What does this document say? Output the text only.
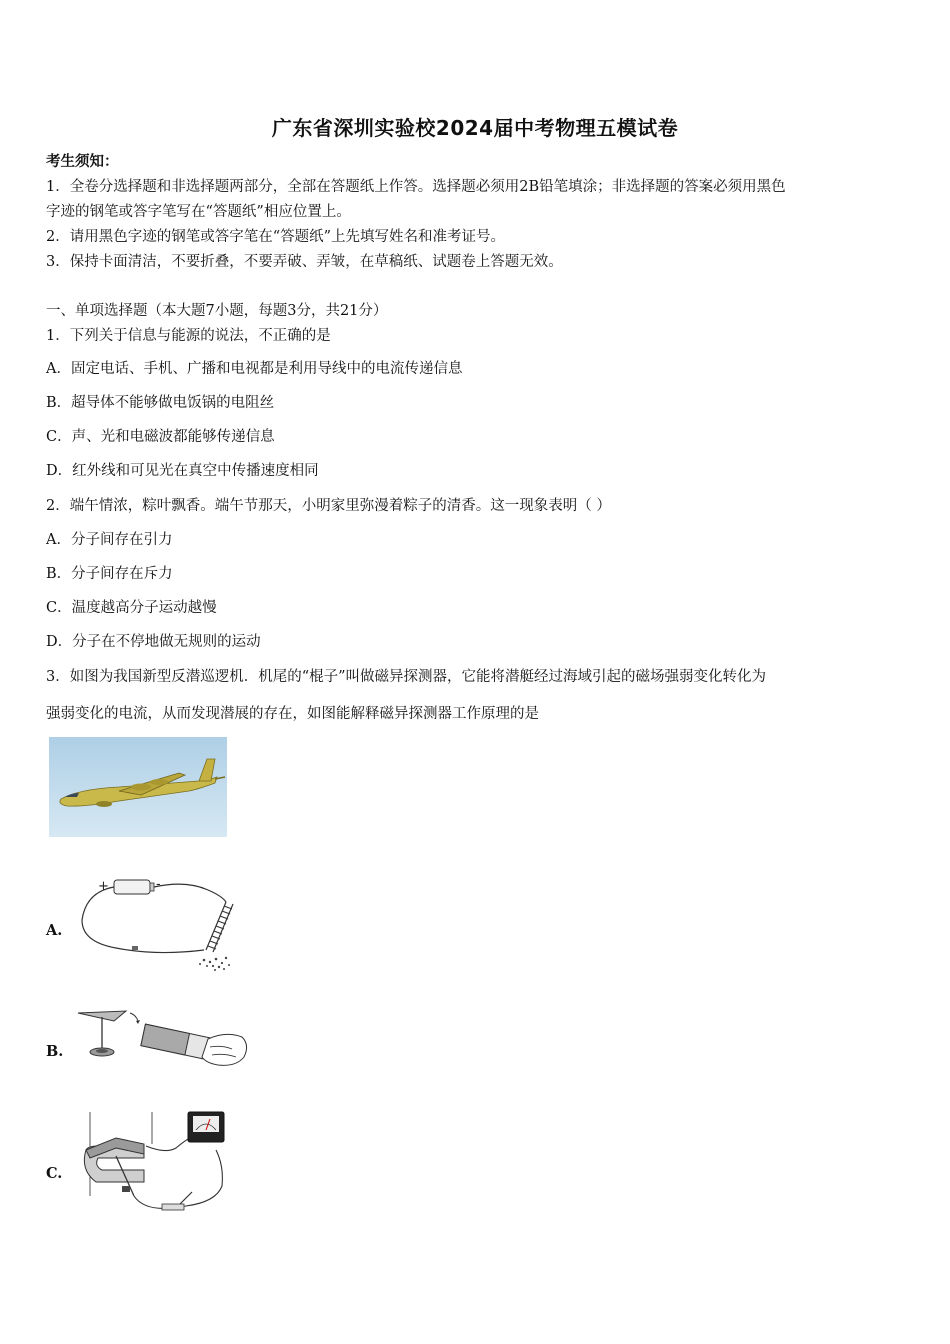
广东省深圳实验校2024届中考物理五模试卷
考生须知：
1．全卷分选择题和非选择题两部分，全部在答题纸上作答。选择题必须用2B铅笔填涂；非选择题的答案必须用黑色
字迹的钢笔或答字笔写在“答题纸”相应位置上。
2．请用黑色字迹的钢笔或答字笔在“答题纸”上先填写姓名和准考证号。
3．保持卡面清洁，不要折叠，不要弄破、弄皱，在草稿纸、试题卷上答题无效。
一、单项选择题（本大题7小题，每题3分，共21分）
1．下列关于信息与能源的说法，不正确的是
A．固定电话、手机、广播和电视都是利用导线中的电流传递信息
B．超导体不能够做电饭锅的电阻丝
C．声、光和电磁波都能够传递信息
D．红外线和可见光在真空中传播速度相同
2．端午情浓，粽叶飘香。端午节那天，小明家里弥漫着粽子的清香。这一现象表明（ ）
A．分子间存在引力
B．分子间存在斥力
C．温度越高分子运动越慢
D．分子在不停地做无规则的运动
3．如图为我国新型反潜巡逻机．机尾的“棍子”叫做磁异探测器，它能将潜艇经过海域引起的磁场强弱变化转化为
强弱变化的电流，从而发现潜展的存在，如图能解释磁异探测器工作原理的是
A.
+	-
B.
C.
